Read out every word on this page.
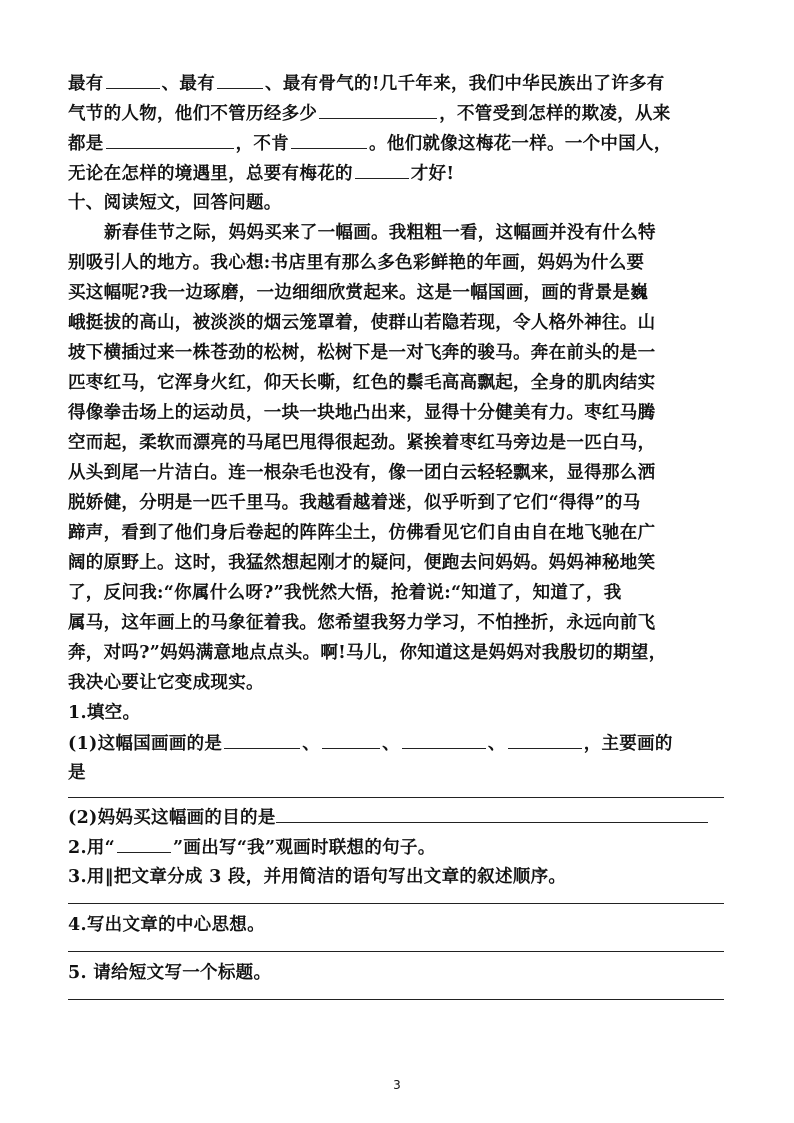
最有	、最有	、最有骨气的!几千年来，我们中华民族出了许多有
气节的人物，他们不管历经多少	，不管受到怎样的欺凌，从来
都是	，不肯	。他们就像这梅花一样。一个中国人，
无论在怎样的境遇里，总要有梅花的	才好!
十、阅读短文，回答问题。
新春佳节之际，妈妈买来了一幅画。我粗粗一看，这幅画并没有什么特
别吸引人的地方。我心想:书店里有那么多色彩鲜艳的年画，妈妈为什么要
买这幅呢?我一边琢磨，一边细细欣赏起来。这是一幅国画，画的背景是巍
峨挺拔的高山，被淡淡的烟云笼罩着，使群山若隐若现，令人格外神往。山
坡下横插过来一株苍劲的松树，松树下是一对飞奔的骏马。奔在前头的是一
匹枣红马，它浑身火红，仰天长嘶，红色的鬃毛高高飘起，全身的肌肉结实
得像拳击场上的运动员，一块一块地凸出来，显得十分健美有力。枣红马腾
空而起，柔软而漂亮的马尾巴甩得很起劲。紧挨着枣红马旁边是一匹白马，
从头到尾一片洁白。连一根杂毛也没有，像一团白云轻轻飘来，显得那么洒
脱娇健，分明是一匹千里马。我越看越着迷，似乎听到了它们“得得”的马
蹄声，看到了他们身后卷起的阵阵尘土，仿佛看见它们自由自在地飞驰在广
阔的原野上。这时，我猛然想起刚才的疑问，便跑去问妈妈。妈妈神秘地笑
了，反问我:“你属什么呀?”我恍然大悟，抢着说:“知道了，知道了，我
属马，这年画上的马象征着我。您希望我努力学习，不怕挫折，永远向前飞
奔，对吗?”妈妈满意地点点头。啊!马儿，你知道这是妈妈对我殷切的期望，
我决心要让它变成现实。
1.填空。
(1)这幅国画画的是	、	、	、	，主要画的
是
(2)妈妈买这幅画的目的是
2.用“	”画出写“我”观画时联想的句子。
3.用‖把文章分成 3 段，并用简洁的语句写出文章的叙述顺序。
4.写出文章的中心思想。
5. 请给短文写一个标题。
3
